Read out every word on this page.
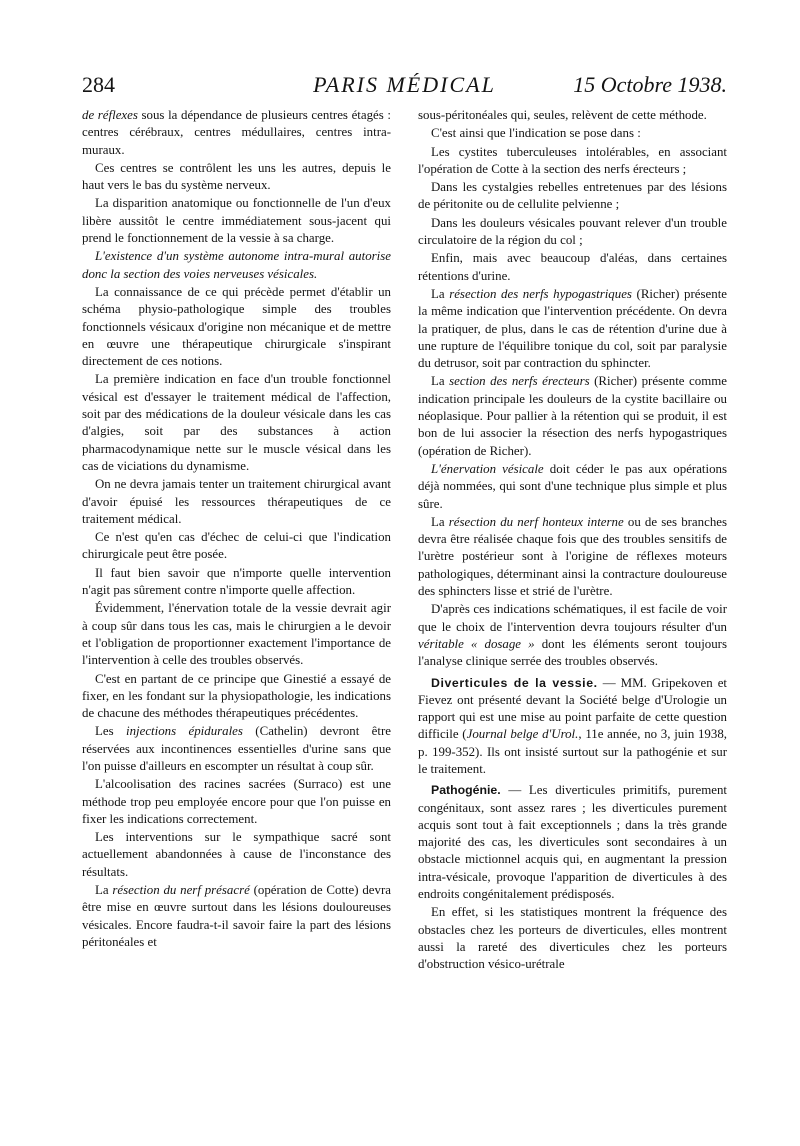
284	PARIS MÉDICAL	15 Octobre 1938.

de réflexes sous la dépendance de plusieurs centres étagés : centres cérébraux, centres médullaires, centres intra-muraux.

Ces centres se contrôlent les uns les autres, depuis le haut vers le bas du système nerveux.

La disparition anatomique ou fonctionnelle de l'un d'eux libère aussitôt le centre immédiatement sous-jacent qui prend le fonctionnement de la vessie à sa charge.

L'existence d'un système autonome intra-mural autorise donc la section des voies nerveuses vésicales.

La connaissance de ce qui précède permet d'établir un schéma physio-pathologique simple des troubles fonctionnels vésicaux d'origine non mécanique et de mettre en œuvre une thérapeutique chirurgicale s'inspirant directement de ces notions.

La première indication en face d'un trouble fonctionnel vésical est d'essayer le traitement médical de l'affection, soit par des médications de la douleur vésicale dans les cas d'algies, soit par des substances à action pharmacodynamique nette sur le muscle vésical dans les cas de viciations du dynamisme.

On ne devra jamais tenter un traitement chirurgical avant d'avoir épuisé les ressources thérapeutiques de ce traitement médical.

Ce n'est qu'en cas d'échec de celui-ci que l'indication chirurgicale peut être posée.

Il faut bien savoir que n'importe quelle intervention n'agit pas sûrement contre n'importe quelle affection.

Évidemment, l'énervation totale de la vessie devrait agir à coup sûr dans tous les cas, mais le chirurgien a le devoir et l'obligation de proportionner exactement l'importance de l'intervention à celle des troubles observés.

C'est en partant de ce principe que Ginestié a essayé de fixer, en les fondant sur la physiopathologie, les indications de chacune des méthodes thérapeutiques précédentes.

Les injections épidurales (Cathelin) devront être réservées aux incontinences essentielles d'urine sans que l'on puisse d'ailleurs en escompter un résultat à coup sûr.

L'alcoolisation des racines sacrées (Surraco) est une méthode trop peu employée encore pour que l'on puisse en fixer les indications correctement.

Les interventions sur le sympathique sacré sont actuellement abandonnées à cause de l'inconstance des résultats.

La résection du nerf présacré (opération de Cotte) devra être mise en œuvre surtout dans les lésions douloureuses vésicales. Encore faudra-t-il savoir faire la part des lésions péritonéales et

sous-péritonéales qui, seules, relèvent de cette méthode.

C'est ainsi que l'indication se pose dans :

Les cystites tuberculeuses intolérables, en associant l'opération de Cotte à la section des nerfs érecteurs ;

Dans les cystalgies rebelles entretenues par des lésions de péritonite ou de cellulite pelvienne ;

Dans les douleurs vésicales pouvant relever d'un trouble circulatoire de la région du col ;

Enfin, mais avec beaucoup d'aléas, dans certaines rétentions d'urine.

La résection des nerfs hypogastriques (Richer) présente la même indication que l'intervention précédente. On devra la pratiquer, de plus, dans le cas de rétention d'urine due à une rupture de l'équilibre tonique du col, soit par paralysie du detrusor, soit par contraction du sphincter.

La section des nerfs érecteurs (Richer) présente comme indication principale les douleurs de la cystite bacillaire ou néoplasique. Pour pallier à la rétention qui se produit, il est bon de lui associer la résection des nerfs hypogastriques (opération de Richer).

L'énervation vésicale doit céder le pas aux opérations déjà nommées, qui sont d'une technique plus simple et plus sûre.

La résection du nerf honteux interne ou de ses branches devra être réalisée chaque fois que des troubles sensitifs de l'urètre postérieur sont à l'origine de réflexes moteurs pathologiques, déterminant ainsi la contracture douloureuse des sphincters lisse et strié de l'urètre.

D'après ces indications schématiques, il est facile de voir que le choix de l'intervention devra toujours résulter d'un véritable « dosage » dont les éléments seront toujours l'analyse clinique serrée des troubles observés.

Diverticules de la vessie. — MM. Gripekoven et Fievez ont présenté devant la Société belge d'Urologie un rapport qui est une mise au point parfaite de cette question difficile (Journal belge d'Urol., 11e année, no 3, juin 1938, p. 199-352). Ils ont insisté surtout sur la pathogénie et sur le traitement.

Pathogénie. — Les diverticules primitifs, purement congénitaux, sont assez rares ; les diverticules purement acquis sont tout à fait exceptionnels ; dans la très grande majorité des cas, les diverticules sont secondaires à un obstacle mictionnel acquis qui, en augmentant la pression intra-vésicale, provoque l'apparition de diverticules à des endroits congénitalement prédisposés.

En effet, si les statistiques montrent la fréquence des obstacles chez les porteurs de diverticules, elles montrent aussi la rareté des diverticules chez les porteurs d'obstruction vésico-urétrale
